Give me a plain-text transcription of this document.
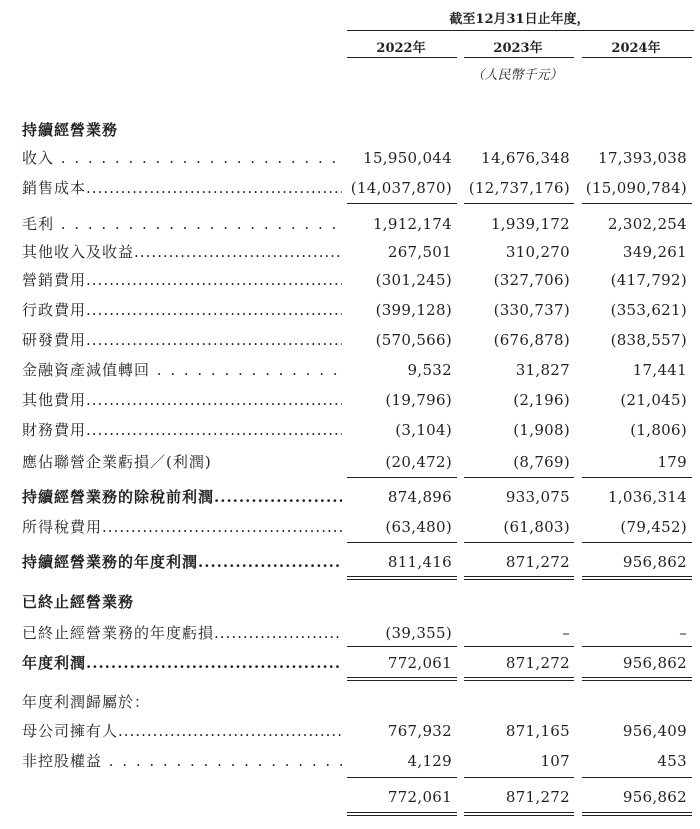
截至12月31日止年度，
2022年	2023年	2024年
（人民幣千元）
持續經營業務
收入 . . .	15,950,044	14,676,348	17,393,038
銷售成本 .....	(14,037,870)	(12,737,176)	(15,090,784)
毛利 . . .	1,912,174	1,939,172	2,302,254
其他收入及收益 .....	267,501	310,270	349,261
營銷費用 .....	(301,245)	(327,706)	(417,792)
行政費用 .....	(399,128)	(330,737)	(353,621)
研發費用 .....	(570,566)	(676,878)	(838,557)
金融資產減值轉回 . . .	9,532	31,827	17,441
其他費用 .....	(19,796)	(2,196)	(21,045)
財務費用 .....	(3,104)	(1,908)	(1,806)
應佔聯營企業虧損／(利潤)	(20,472)	(8,769)	179
持續經營業務的除稅前利潤 .....	874,896	933,075	1,036,314
所得稅費用 .....	(63,480)	(61,803)	(79,452)
持續經營業務的年度利潤 .....	811,416	871,272	956,862
已終止經營業務
已終止經營業務的年度虧損 .....	(39,355)	–	–
年度利潤 .....	772,061	871,272	956,862
年度利潤歸屬於：
母公司擁有人 .....	767,932	871,165	956,409
非控股權益 . . .	4,129	107	453
772,061	871,272	956,862
